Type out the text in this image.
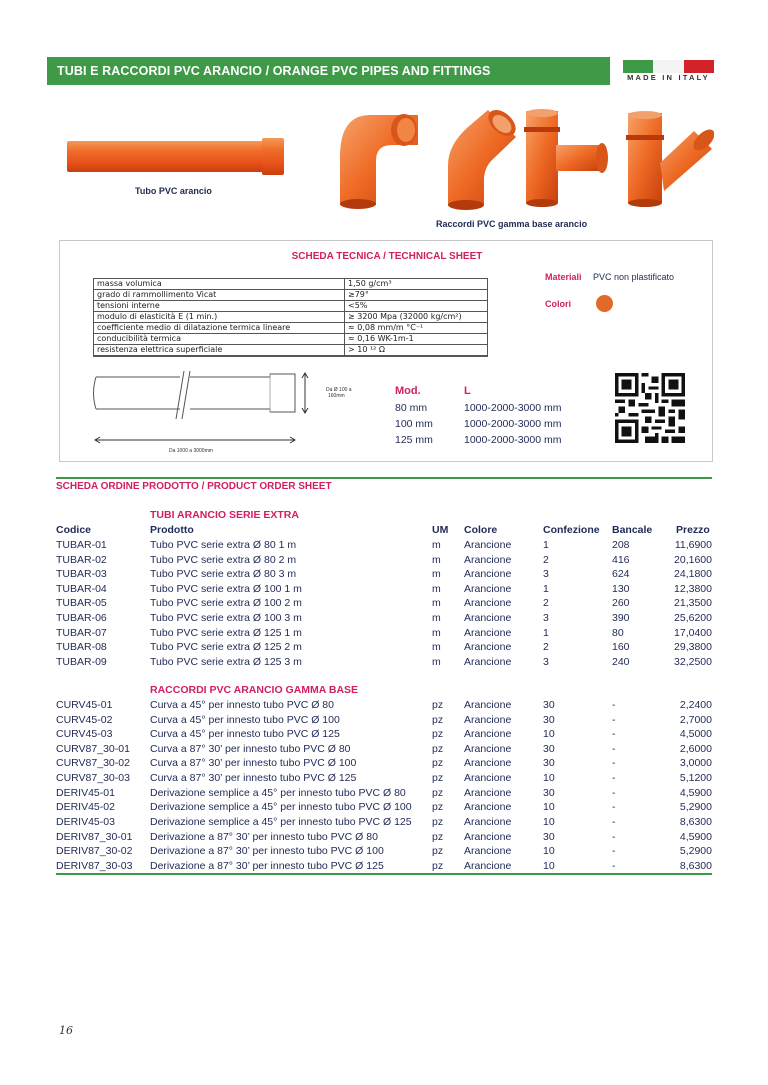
TUBI E RACCORDI PVC ARANCIO / ORANGE PVC PIPES AND FITTINGS	MADE IN ITALY
Tubo PVC arancio
Raccordi PVC gamma base arancio
SCHEDA TECNICA / TECHNICAL SHEET
massa volumica	1,50 g/cm³
grado di rammollimento Vicat	≥79°
tensioni interne	<5%
modulo di elasticità E (1 min.)	≥ 3200 Mpa (32000 kg/cm²)
coefficiente medio di dilatazione termica lineare	≈ 0,08 mm/m °C⁻¹
conducibilità termica	≈ 0,16 WK-1m-1
resistenza elettrica superficiale	> 10 ¹² Ω
Materiali PVC non plastificato
Colori
Da Ø 100 a
160mm
Da 1000 a 3000mm
Mod.	L
80 mm	1000-2000-3000 mm
100 mm	1000-2000-3000 mm
125 mm	1000-2000-3000 mm
SCHEDA ORDINE PRODOTTO / PRODUCT ORDER SHEET
TUBI ARANCIO SERIE EXTRA
Codice	Prodotto	UM Colore	Confezione Bancale Prezzo
TUBAR-01	Tubo PVC serie extra Ø 80 1 m	m Arancione	1	208	11,6900
TUBAR-02	Tubo PVC serie extra Ø 80 2 m	m Arancione	2	416	20,1600
TUBAR-03	Tubo PVC serie extra Ø 80 3 m	m Arancione	3	624	24,1800
TUBAR-04	Tubo PVC serie extra Ø 100 1 m	m Arancione	1	130	12,3800
TUBAR-05	Tubo PVC serie extra Ø 100 2 m	m Arancione	2	260	21,3500
TUBAR-06	Tubo PVC serie extra Ø 100 3 m	m Arancione	3	390	25,6200
TUBAR-07	Tubo PVC serie extra Ø 125 1 m	m Arancione	1	80	17,0400
TUBAR-08	Tubo PVC serie extra Ø 125 2 m	m Arancione	2	160	29,3800
TUBAR-09	Tubo PVC serie extra Ø 125 3 m	m Arancione	3	240	32,2500
RACCORDI PVC ARANCIO GAMMA BASE
CURV45-01	Curva a 45° per innesto tubo PVC Ø 80	pz Arancione	30	-	2,2400
CURV45-02	Curva a 45° per innesto tubo PVC Ø 100	pz Arancione	30	-	2,7000
CURV45-03	Curva a 45° per innesto tubo PVC Ø 125	pz Arancione	10	-	4,5000
CURV87_30-01 Curva a 87° 30’ per innesto tubo PVC Ø 80	pz Arancione	30	-	2,6000
CURV87_30-02 Curva a 87° 30’ per innesto tubo PVC Ø 100	pz Arancione	30	-	3,0000
CURV87_30-03 Curva a 87° 30’ per innesto tubo PVC Ø 125	pz Arancione	10	-	5,1200
DERIV45-01	Derivazione semplice a 45° per innesto tubo PVC Ø 80 pz Arancione	30	-	4,5900
DERIV45-02	Derivazione semplice a 45° per innesto tubo PVC Ø 100 pz Arancione	10	-	5,2900
DERIV45-03	Derivazione semplice a 45° per innesto tubo PVC Ø 125 pz Arancione	10	-	8,6300
DERIV87_30-01 Derivazione a 87° 30’ per innesto tubo PVC Ø 80	pz Arancione	30	-	4,5900
DERIV87_30-02 Derivazione a 87° 30’ per innesto tubo PVC Ø 100	pz Arancione	10	-	5,2900
DERIV87_30-03 Derivazione a 87° 30’ per innesto tubo PVC Ø 125	pz Arancione	10	-	8,6300
16
